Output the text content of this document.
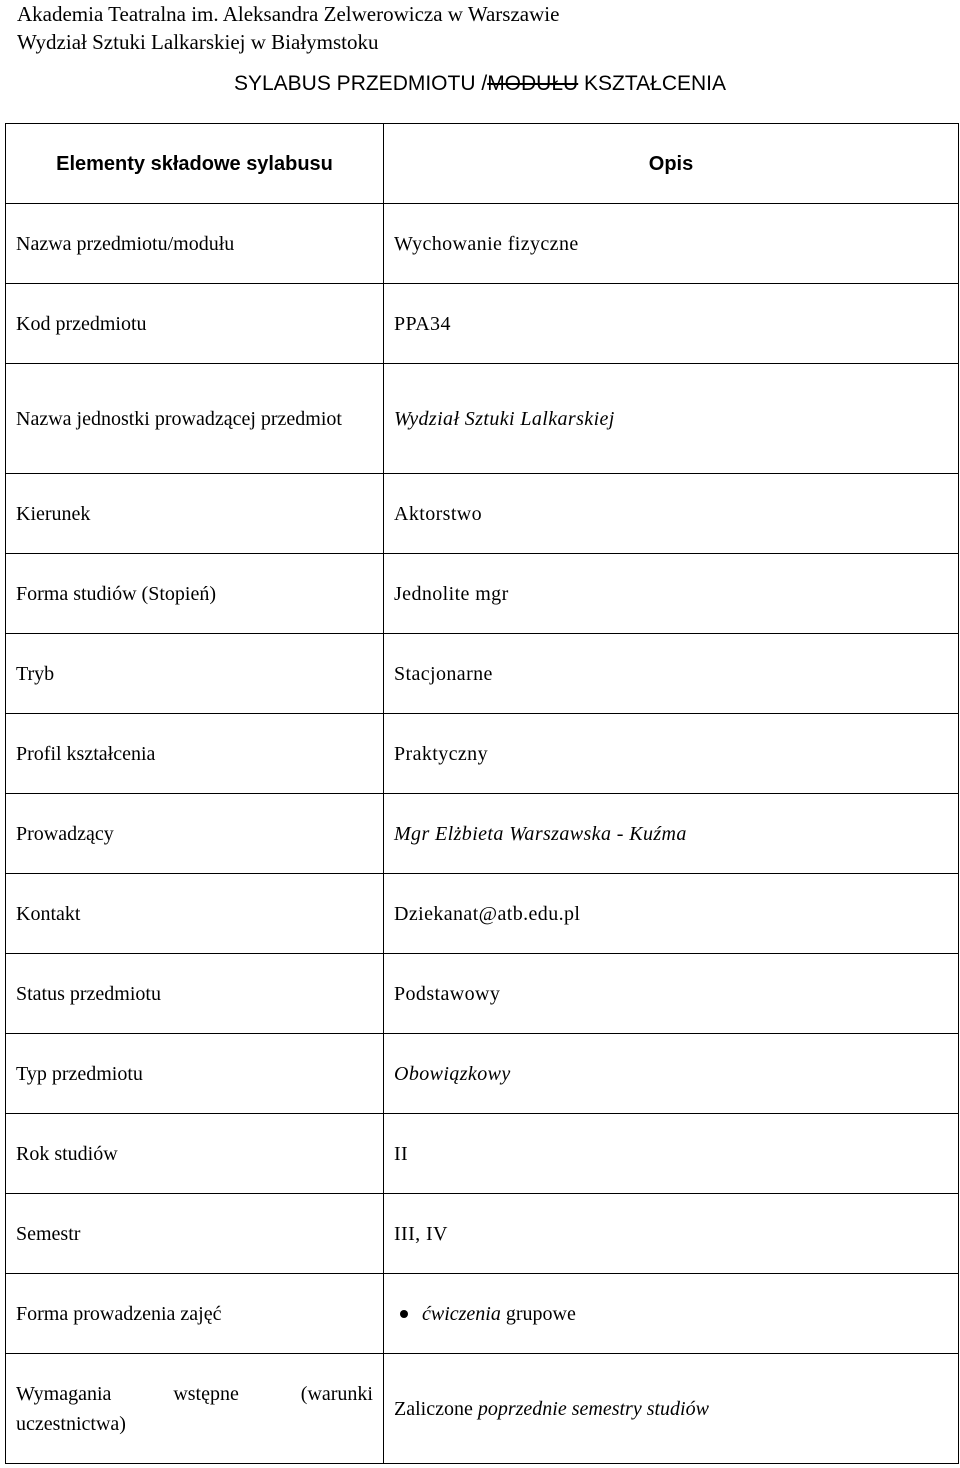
Akademia Teatralna im. Aleksandra Zelwerowicza w Warszawie
Wydział Sztuki Lalkarskiej w Białymstoku
SYLABUS PRZEDMIOTU /MODUŁU KSZTAŁCENIA
Elementy składowe sylabusu	Opis
Nazwa przedmiotu/modułu	Wychowanie fizyczne
Kod przedmiotu	PPA34
Nazwa jednostki prowadzącej przedmiot	Wydział Sztuki Lalkarskiej
Kierunek	Aktorstwo
Forma studiów (Stopień)	Jednolite mgr
Tryb	Stacjonarne
Profil kształcenia	Praktyczny
Prowadzący	Mgr Elżbieta Warszawska - Kuźma
Kontakt	Dziekanat@atb.edu.pl
Status przedmiotu	Podstawowy
Typ przedmiotu	Obowiązkowy
Rok studiów	II
Semestr	III, IV
Forma prowadzenia zajęć	ćwiczenia grupowe

Wymagania wstępne (warunki
uczestnictwa)	Zaliczone poprzednie semestry studiów
